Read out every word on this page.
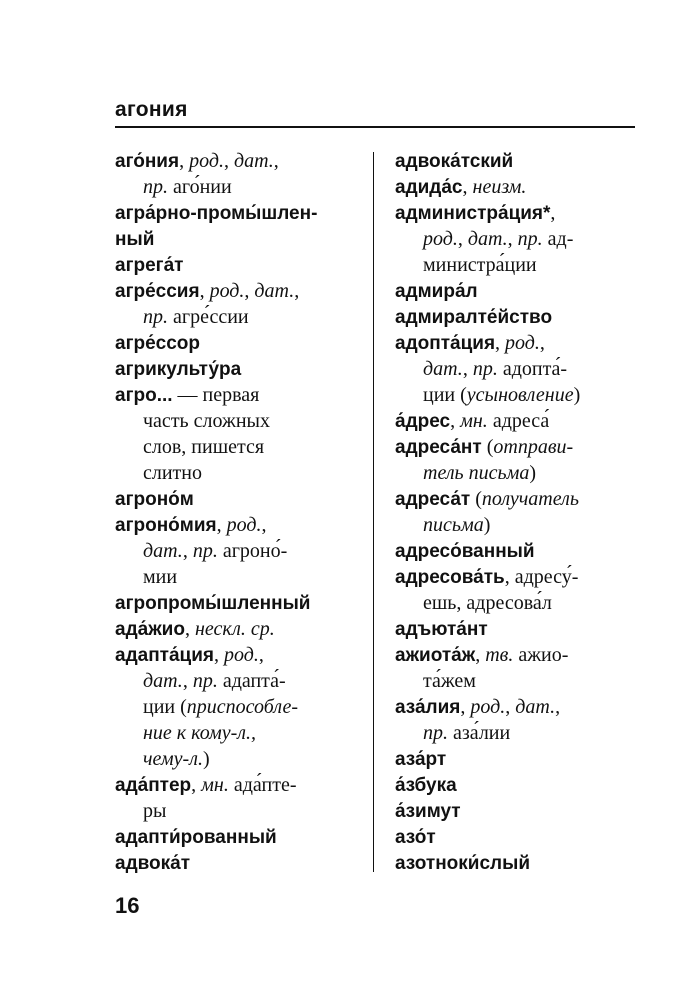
агония
аго́ния, род., дат.,
пр. аго́нии
агра́рно-промы́шлен-
ный
агрега́т
агре́ссия, род., дат.,
пр. агре́ссии
агре́ссор
агрикульту́ра
агро... — первая
часть сложных
слов, пишется
слитно
агроно́м
агроно́мия, род.,
дат., пр. агроно́-
мии
агропромы́шленный
ада́жио, нескл. ср.
адапта́ция, род.,
дат., пр. адапта́-
ции (приспособле-
ние к кому-л.,
чему-л.)
ада́птер, мн. ада́пте-
ры
адапти́рованный
адвока́т
адвока́тский
адида́с, неизм.
администра́ция*,
род., дат., пр. ад-
министра́ции
адмира́л
адмиралте́йство
адопта́ция, род.,
дат., пр. адопта́-
ции (усыновление)
а́дрес, мн. адреса́
адреса́нт (отправи-
тель письма)
адреса́т (получатель
письма)
адресо́ванный
адресова́ть, адресу́-
ешь, адресова́л
адъюта́нт
ажиота́ж, тв. ажио-
та́жем
аза́лия, род., дат.,
пр. аза́лии
аза́рт
а́збука
а́зимут
азо́т
азотноки́слый
16
